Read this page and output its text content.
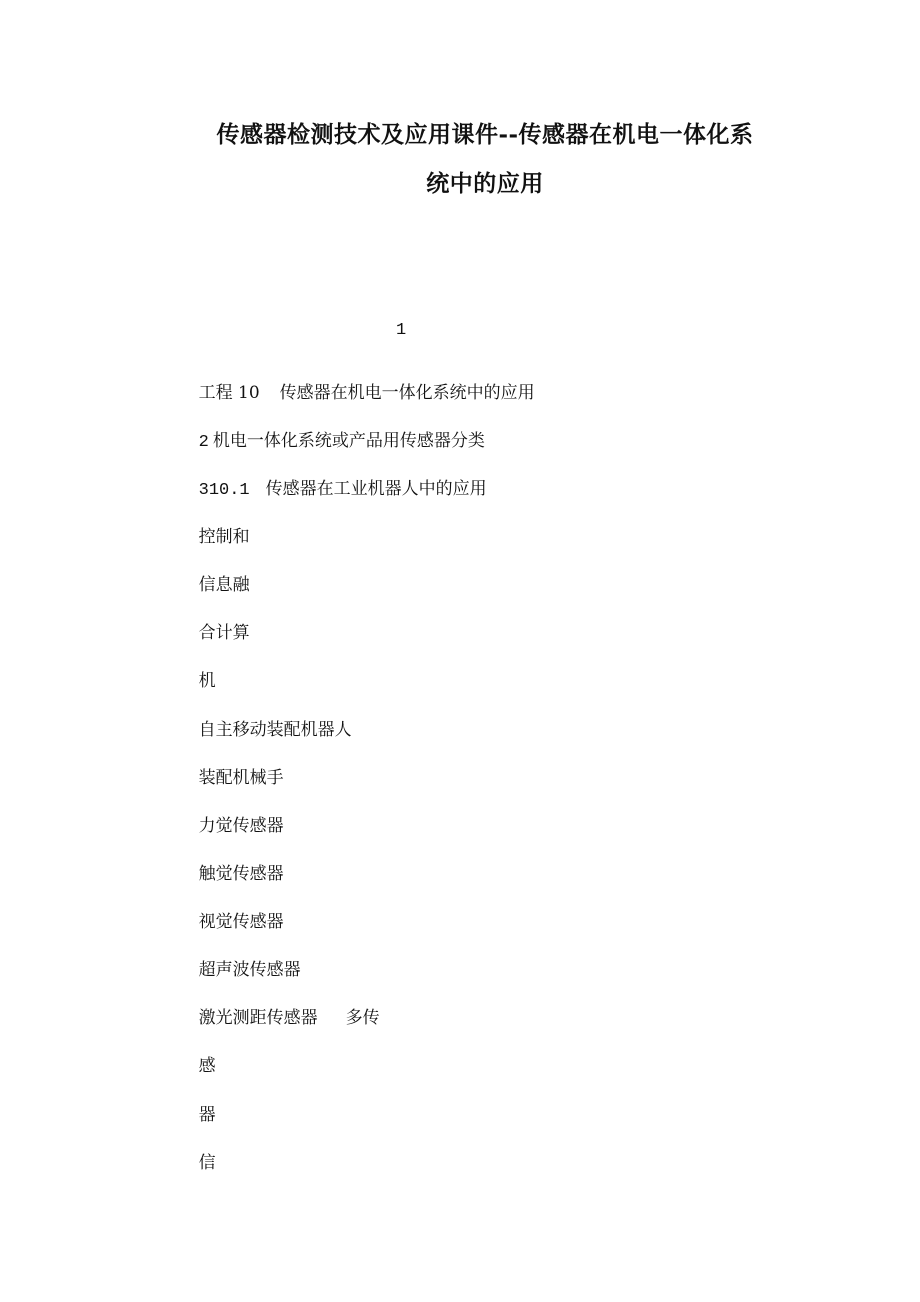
传感器检测技术及应用课件--传感器在机电一体化系
统中的应用
1

工程 10 传感器在机电一体化系统中的应用

2 机电一体化系统或产品用传感器分类

310.1 传感器在工业机器人中的应用

控制和

信息融

合计算

机

自主移动装配机器人

装配机械手

力觉传感器

触觉传感器

视觉传感器

超声波传感器

激光测距传感器 多传

感

器

信
